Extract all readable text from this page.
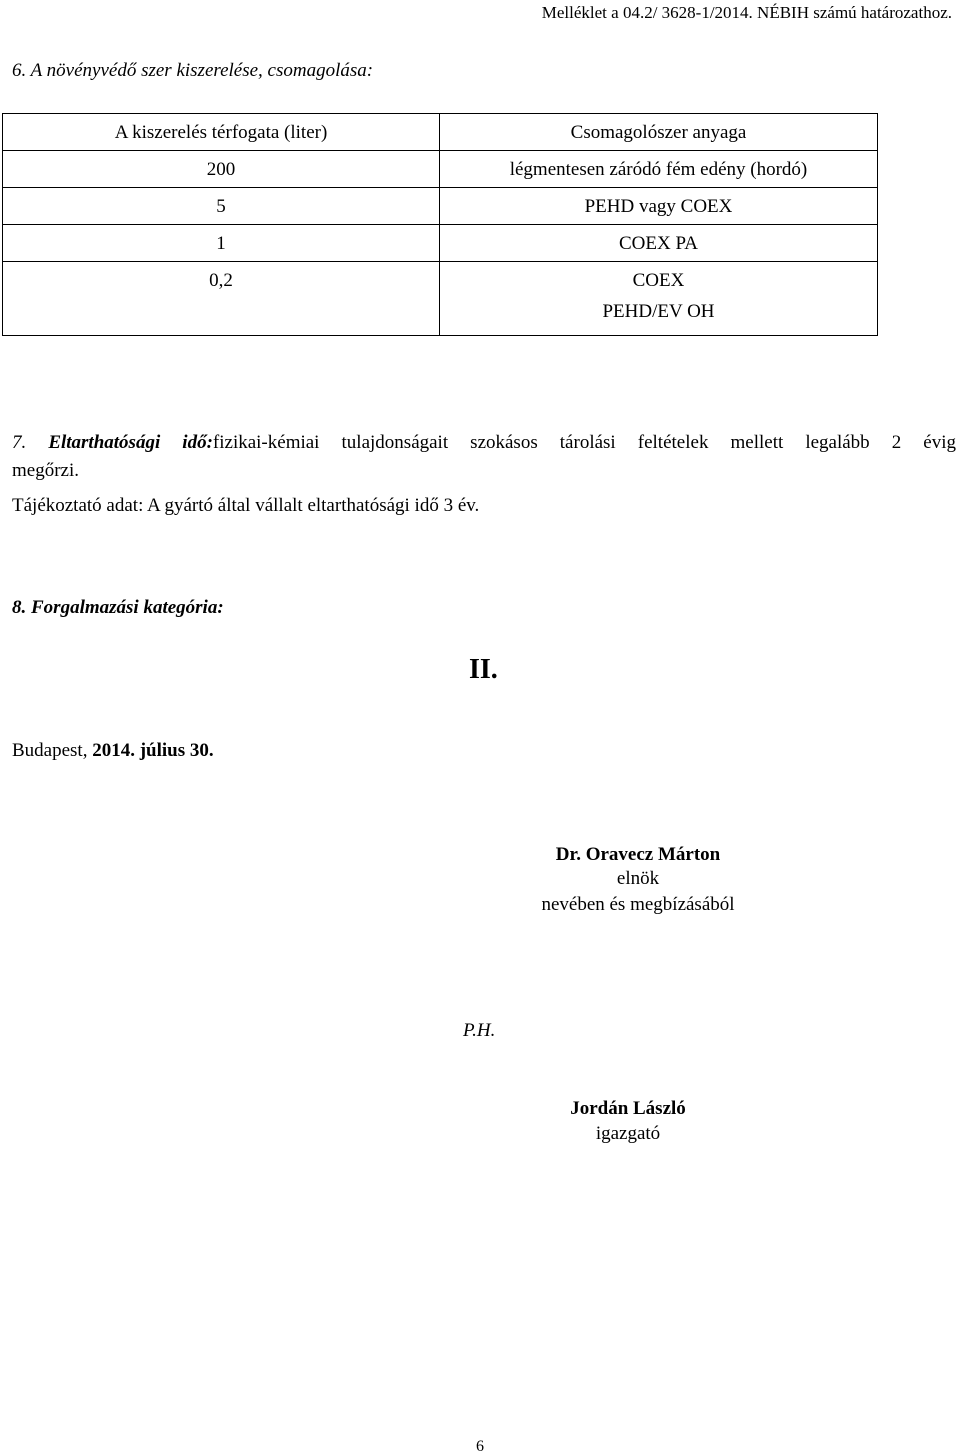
Melléklet a 04.2/ 3628-1/2014. NÉBIH számú határozathoz.

6. A növényvédő szer kiszerelése, csomagolása:

A kiszerelés térfogata (liter)	Csomagolószer anyaga
200	légmentesen záródó fém edény (hordó)
5	PEHD vagy COEX
1	COEX PA
0,2	COEX
PEHD/EV OH

7. Eltarthatósági idő:fizikai-kémiai tulajdonságait szokásos tárolási feltételek mellett legalább 2 évig

megőrzi.

Tájékoztató adat: A gyártó által vállalt eltarthatósági idő 3 év.

8. Forgalmazási kategória:

II.

Budapest, 2014. július 30.

Dr. Oravecz Márton
elnök
nevében és megbízásából

P.H.

Jordán László
igazgató

6
